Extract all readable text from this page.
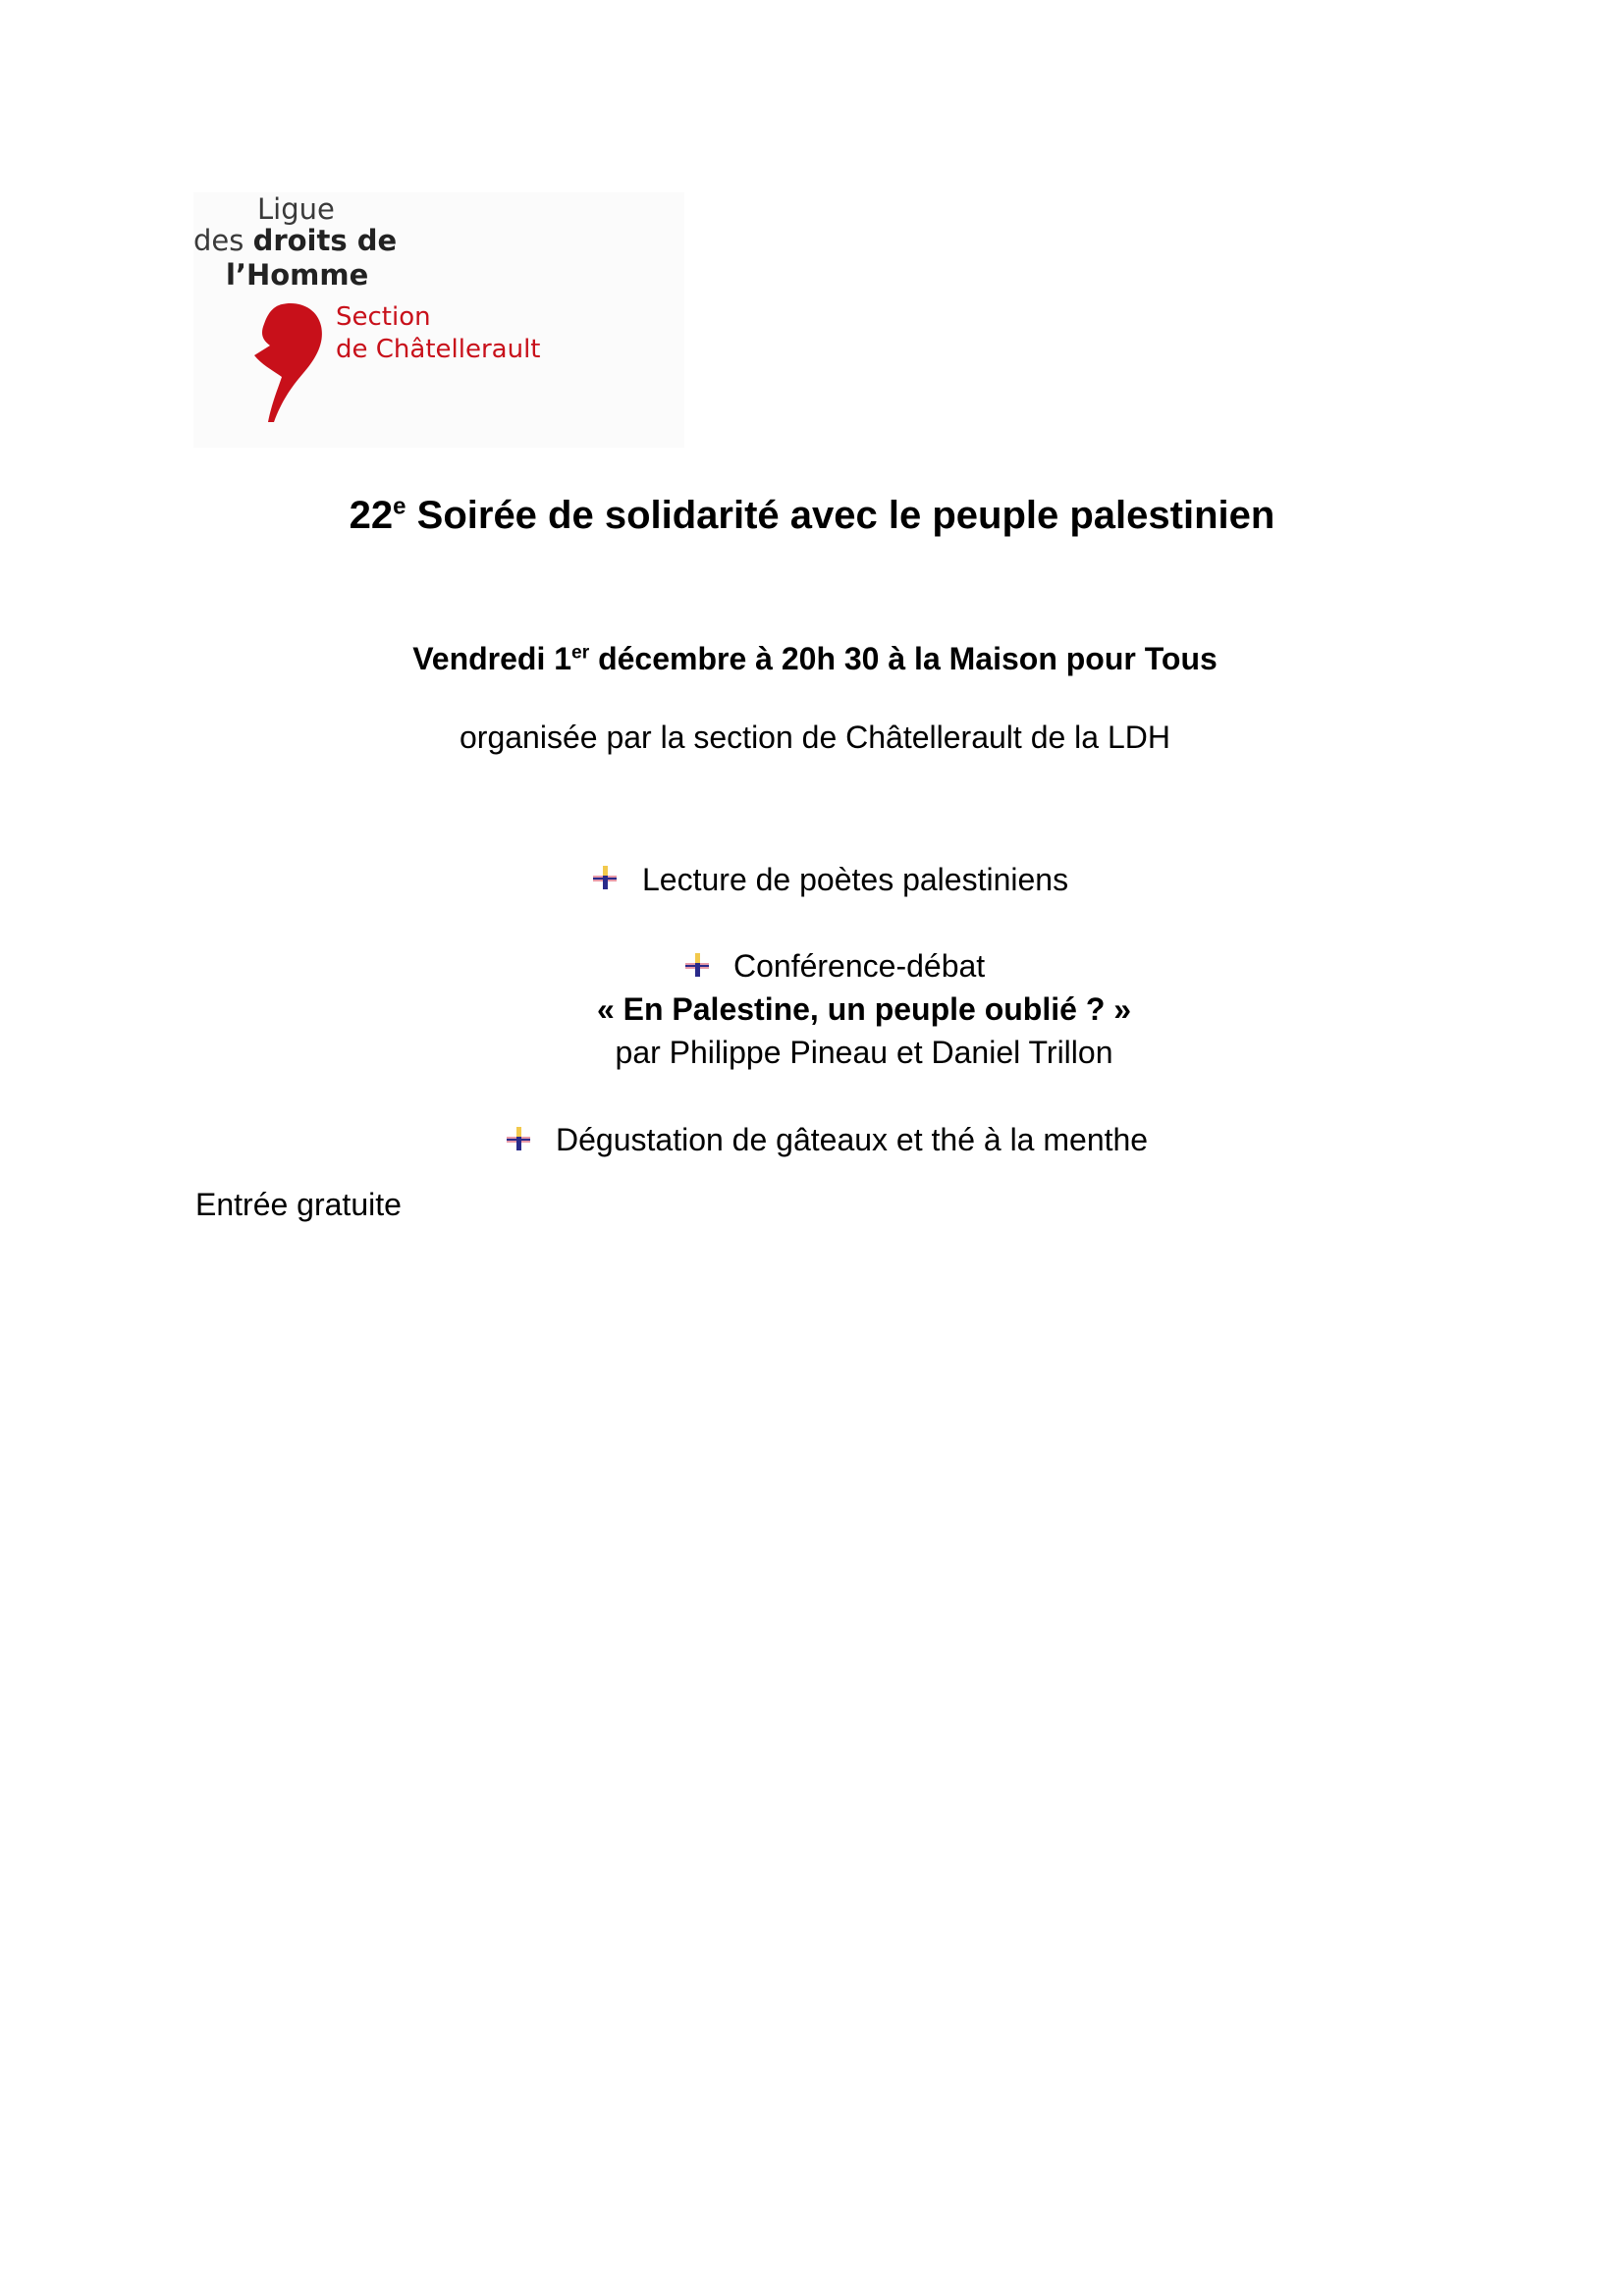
Ligue
des droits de
l’Homme
Section
de Châtellerault
22e Soirée de solidarité avec le peuple palestinien
Vendredi 1er décembre à 20h 30 à la Maison pour Tous
organisée par la section de Châtellerault de la LDH
Lecture de poètes palestiniens
Conférence-débat
« En Palestine, un peuple oublié ? »
par Philippe Pineau et Daniel Trillon
Dégustation de gâteaux et thé à la menthe
Entrée gratuite
